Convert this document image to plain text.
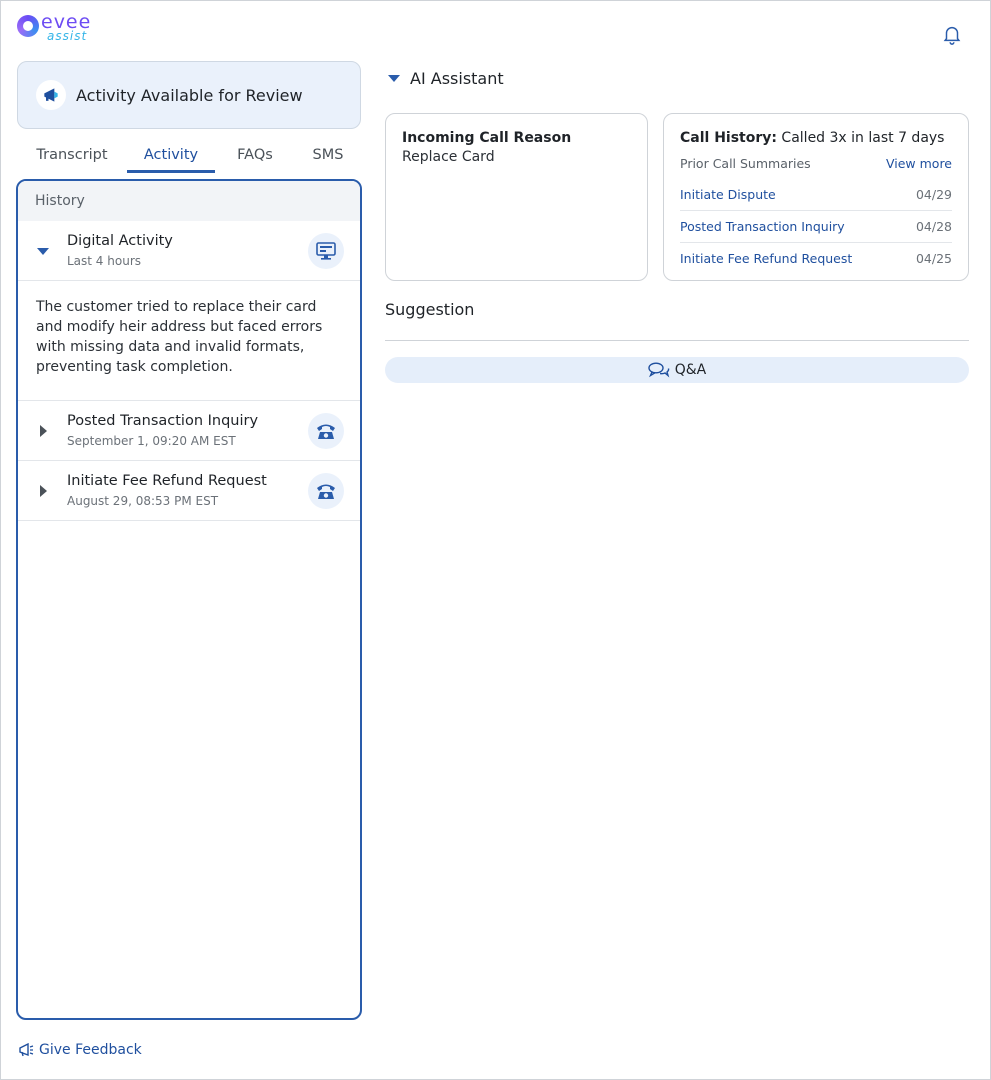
evee
assist
Activity Available for Review
Transcript	Activity	FAQs	SMS
History
Digital Activity
Last 4 hours
The customer tried to replace their card and modify heir address but faced errors with missing data and invalid formats, preventing task completion.
Posted Transaction Inquiry
September 1, 09:20 AM EST
Initiate Fee Refund Request
August 29, 08:53 PM EST
Give Feedback
AI Assistant
Incoming Call Reason
Replace Card
Call History: Called 3x in last 7 days
Prior Call Summaries	View more
Initiate Dispute	04/29
Posted Transaction Inquiry	04/28
Initiate Fee Refund Request	04/25
Suggestion
Q&A
